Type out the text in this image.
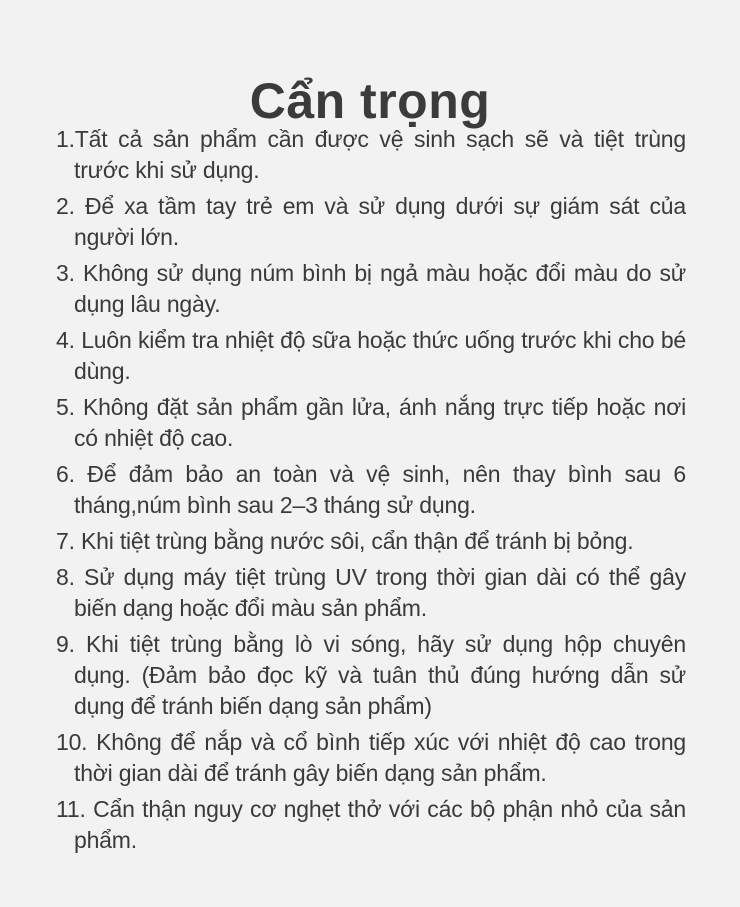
Cẩn trọng
1.Tất cả sản phẩm cần được vệ sinh sạch sẽ và tiệt trùng trước khi sử dụng.
2. Để xa tầm tay trẻ em và sử dụng dưới sự giám sát của người lớn.
3. Không sử dụng núm bình bị ngả màu hoặc đổi màu do sử dụng lâu ngày.
4. Luôn kiểm tra nhiệt độ sữa hoặc thức uống trước khi cho bé dùng.
5. Không đặt sản phẩm gần lửa, ánh nắng trực tiếp hoặc nơi có nhiệt độ cao.
6. Để đảm bảo an toàn và vệ sinh, nên thay bình sau 6 tháng,núm bình sau 2–3 tháng sử dụng.
7. Khi tiệt trùng bằng nước sôi, cẩn thận để tránh bị bỏng.
8. Sử dụng máy tiệt trùng UV trong thời gian dài có thể gây biến dạng hoặc đổi màu sản phẩm.
9. Khi tiệt trùng bằng lò vi sóng, hãy sử dụng hộp chuyên dụng. (Đảm bảo đọc kỹ và tuân thủ đúng hướng dẫn sử dụng để tránh biến dạng sản phẩm)
10. Không để nắp và cổ bình tiếp xúc với nhiệt độ cao trong thời gian dài để tránh gây biến dạng sản phẩm.
11. Cẩn thận nguy cơ nghẹt thở với các bộ phận nhỏ của sản phẩm.
